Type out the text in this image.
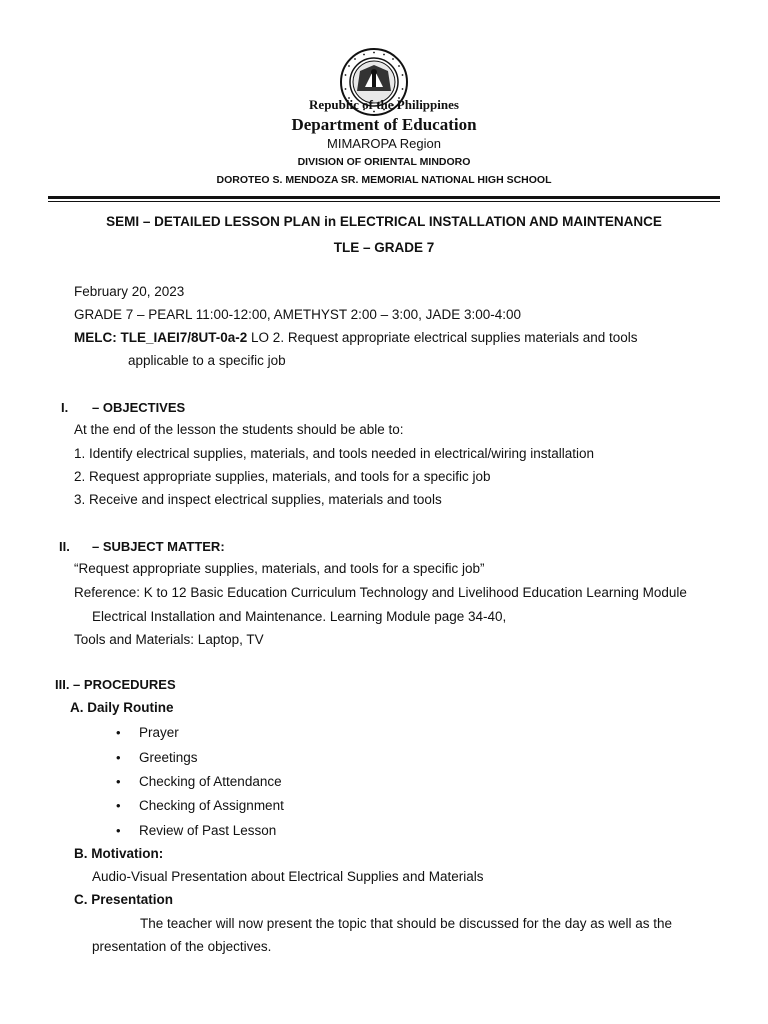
Republic of the Philippines
Department of Education
MIMAROPA Region
DIVISION OF ORIENTAL MINDORO
DOROTEO S. MENDOZA SR. MEMORIAL NATIONAL HIGH SCHOOL
SEMI – DETAILED LESSON PLAN in ELECTRICAL INSTALLATION AND MAINTENANCE
TLE – GRADE 7
February 20, 2023
GRADE 7 – PEARL 11:00-12:00, AMETHYST 2:00 – 3:00, JADE 3:00-4:00
MELC: TLE_IAEI7/8UT-0a-2 LO 2. Request appropriate electrical supplies materials and tools
applicable to a specific job
I. – OBJECTIVES
At the end of the lesson the students should be able to:
1. Identify electrical supplies, materials, and tools needed in electrical/wiring installation
2. Request appropriate supplies, materials, and tools for a specific job
3. Receive and inspect electrical supplies, materials and tools
II. – SUBJECT MATTER:
“Request appropriate supplies, materials, and tools for a specific job”
Reference: K to 12 Basic Education Curriculum Technology and Livelihood Education Learning Module
Electrical Installation and Maintenance. Learning Module page 34-40,
Tools and Materials: Laptop, TV
III. – PROCEDURES
A. Daily Routine
• Prayer
• Greetings
• Checking of Attendance
• Checking of Assignment
• Review of Past Lesson
B. Motivation:
Audio-Visual Presentation about Electrical Supplies and Materials
C. Presentation
The teacher will now present the topic that should be discussed for the day as well as the
presentation of the objectives.
